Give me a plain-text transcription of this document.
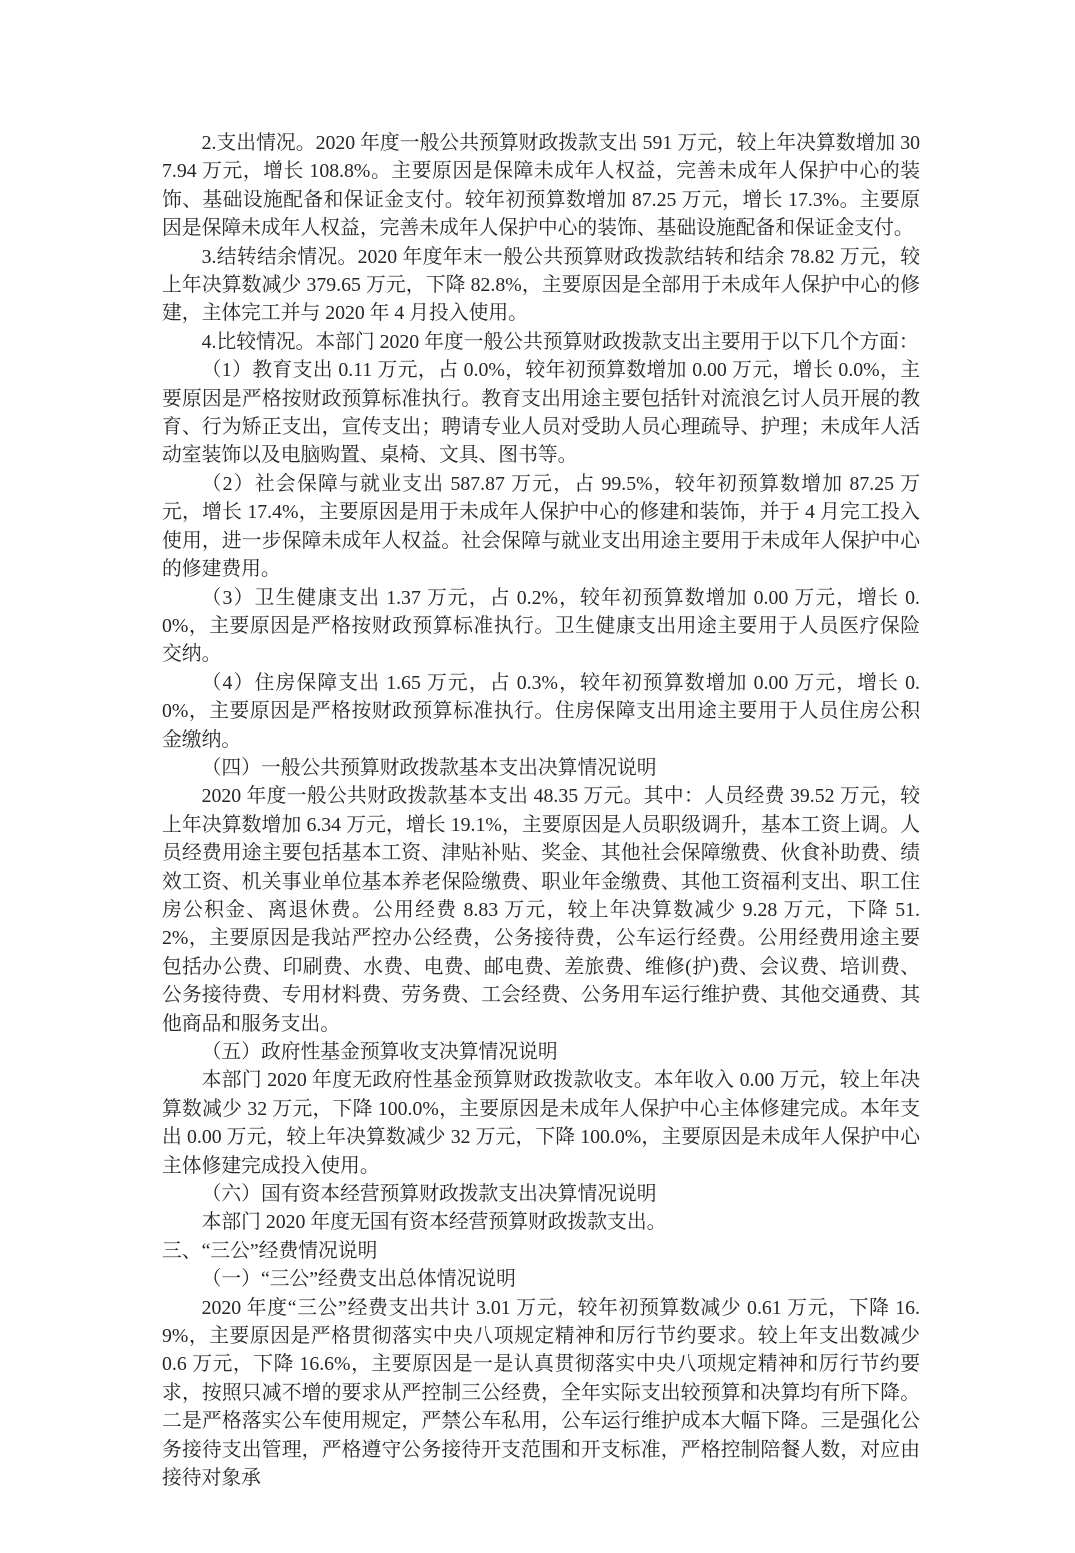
2.支出情况。2020 年度一般公共预算财政拨款支出 591 万元，较上年决算数增加 307.94 万元，增长 108.8%。主要原因是保障未成年人权益，完善未成年人保护中心的装饰、基础设施配备和保证金支付。较年初预算数增加 87.25 万元，增长 17.3%。主要原因是保障未成年人权益，完善未成年人保护中心的装饰、基础设施配备和保证金支付。

3.结转结余情况。2020 年度年末一般公共预算财政拨款结转和结余 78.82 万元，较上年决算数减少 379.65 万元，下降 82.8%，主要原因是全部用于未成年人保护中心的修建，主体完工并与 2020 年 4 月投入使用。

4.比较情况。本部门 2020 年度一般公共预算财政拨款支出主要用于以下几个方面：

（1）教育支出 0.11 万元，占 0.0%，较年初预算数增加 0.00 万元，增长 0.0%，主要原因是严格按财政预算标准执行。教育支出用途主要包括针对流浪乞讨人员开展的教育、行为矫正支出，宣传支出；聘请专业人员对受助人员心理疏导、护理；未成年人活动室装饰以及电脑购置、桌椅、文具、图书等。

（2）社会保障与就业支出 587.87 万元，占 99.5%，较年初预算数增加 87.25 万元，增长 17.4%，主要原因是用于未成年人保护中心的修建和装饰，并于 4 月完工投入使用，进一步保障未成年人权益。社会保障与就业支出用途主要用于未成年人保护中心的修建费用。

（3）卫生健康支出 1.37 万元，占 0.2%，较年初预算数增加 0.00 万元，增长 0.0%，主要原因是严格按财政预算标准执行。卫生健康支出用途主要用于人员医疗保险交纳。

（4）住房保障支出 1.65 万元，占 0.3%，较年初预算数增加 0.00 万元，增长 0.0%，主要原因是严格按财政预算标准执行。住房保障支出用途主要用于人员住房公积金缴纳。

（四）一般公共预算财政拨款基本支出决算情况说明

2020 年度一般公共财政拨款基本支出 48.35 万元。其中：人员经费 39.52 万元，较上年决算数增加 6.34 万元，增长 19.1%，主要原因是人员职级调升，基本工资上调。人员经费用途主要包括基本工资、津贴补贴、奖金、其他社会保障缴费、伙食补助费、绩效工资、机关事业单位基本养老保险缴费、职业年金缴费、其他工资福利支出、职工住房公积金、离退休费。公用经费 8.83 万元，较上年决算数减少 9.28 万元，下降 51.2%，主要原因是我站严控办公经费，公务接待费，公车运行经费。公用经费用途主要包括办公费、印刷费、水费、电费、邮电费、差旅费、维修(护)费、会议费、培训费、公务接待费、专用材料费、劳务费、工会经费、公务用车运行维护费、其他交通费、其他商品和服务支出。

（五）政府性基金预算收支决算情况说明

本部门 2020 年度无政府性基金预算财政拨款收支。本年收入 0.00 万元，较上年决算数减少 32 万元，下降 100.0%，主要原因是未成年人保护中心主体修建完成。本年支出 0.00 万元，较上年决算数减少 32 万元，下降 100.0%，主要原因是未成年人保护中心主体修建完成投入使用。

（六）国有资本经营预算财政拨款支出决算情况说明

本部门 2020 年度无国有资本经营预算财政拨款支出。

三、“三公”经费情况说明

（一）“三公”经费支出总体情况说明

2020 年度“三公”经费支出共计 3.01 万元，较年初预算数减少 0.61 万元，下降 16.9%，主要原因是严格贯彻落实中央八项规定精神和厉行节约要求。较上年支出数减少 0.6 万元，下降 16.6%，主要原因是一是认真贯彻落实中央八项规定精神和厉行节约要求，按照只减不增的要求从严控制三公经费，全年实际支出较预算和决算均有所下降。二是严格落实公车使用规定，严禁公车私用，公车运行维护成本大幅下降。三是强化公务接待支出管理，严格遵守公务接待开支范围和开支标准，严格控制陪餐人数，对应由接待对象承
